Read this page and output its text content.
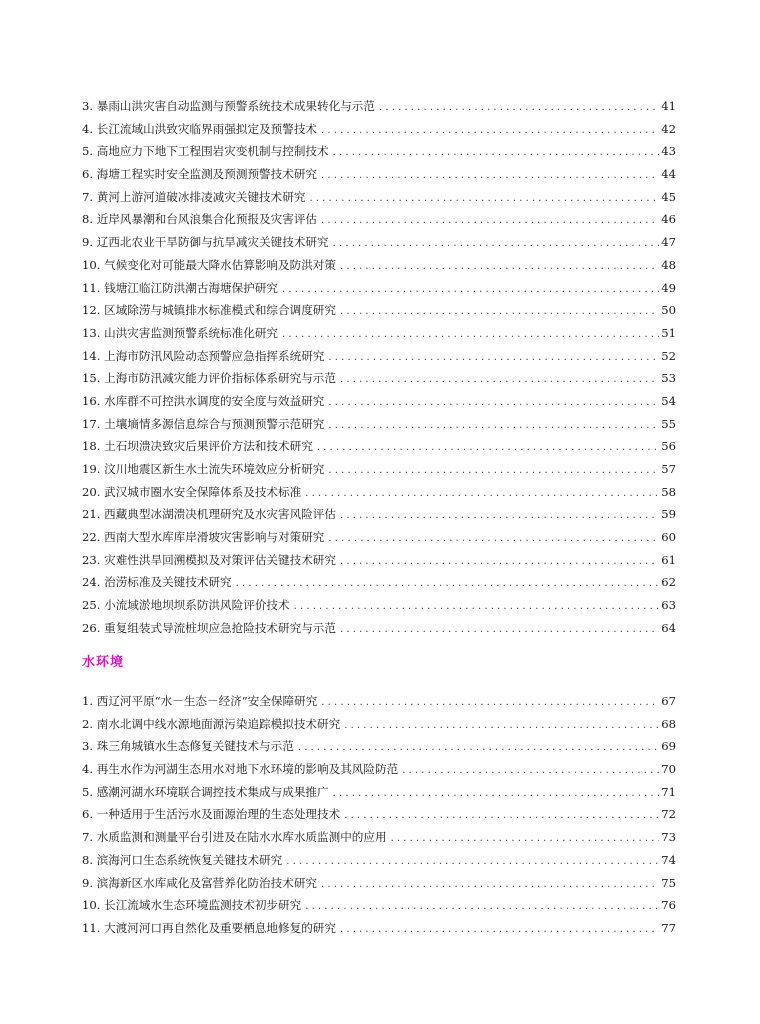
3. 暴雨山洪灾害自动监测与预警系统技术成果转化与示范 . . .	41
4. 长江流域山洪致灾临界雨强拟定及预警技术 . . .	42
5. 高地应力下地下工程围岩灾变机制与控制技术 . . .	43
6. 海塘工程实时安全监测及预测预警技术研究 . . .	44
7. 黄河上游河道破冰排凌减灾关键技术研究 . . .	45
8. 近岸风暴潮和台风浪集合化预报及灾害评估 . . .	46
9. 辽西北农业干旱防御与抗旱减灾关键技术研究 . . .	47
10. 气候变化对可能最大降水估算影响及防洪对策 . . .	48
11. 钱塘江临江防洪潮古海塘保护研究 . . .	49
12. 区域除涝与城镇排水标准模式和综合调度研究 . . .	50
13. 山洪灾害监测预警系统标准化研究 . . .	51
14. 上海市防汛风险动态预警应急指挥系统研究 . . .	52
15. 上海市防汛减灾能力评价指标体系研究与示范 . . .	53
16. 水库群不可控洪水调度的安全度与效益研究 . . .	54
17. 土壤墒情多源信息综合与预测预警示范研究 . . .	55
18. 土石坝溃决致灾后果评价方法和技术研究 . . .	56
19. 汶川地震区新生水土流失环境效应分析研究 . . .	57
20. 武汉城市圈水安全保障体系及技术标准 . . .	58
21. 西藏典型冰湖溃决机理研究及水灾害风险评估 . . .	59
22. 西南大型水库库岸滑坡灾害影响与对策研究 . . .	60
23. 灾难性洪旱回溯模拟及对策评估关键技术研究 . . .	61
24. 治涝标准及关键技术研究 . . .	62
25. 小流域淤地坝坝系防洪风险评价技术 . . .	63
26. 重复组装式导流桩坝应急抢险技术研究与示范 . . .	64
水环境
1. 西辽河平原“水－生态－经济”安全保障研究 . . .	67
2. 南水北调中线水源地面源污染追踪模拟技术研究 . . .	68
3. 珠三角城镇水生态修复关键技术与示范 . . .	69
4. 再生水作为河湖生态用水对地下水环境的影响及其风险防范 . . .	70
5. 感潮河湖水环境联合调控技术集成与成果推广 . . .	71
6. 一种适用于生活污水及面源治理的生态处理技术 . . .	72
7. 水质监测和测量平台引进及在陆水水库水质监测中的应用 . . .	73
8. 滨海河口生态系统恢复关键技术研究 . . .	74
9. 滨海新区水库咸化及富营养化防治技术研究 . . .	75
10. 长江流域水生态环境监测技术初步研究 . . .	76
11. 大渡河河口再自然化及重要栖息地修复的研究 . . .	77
